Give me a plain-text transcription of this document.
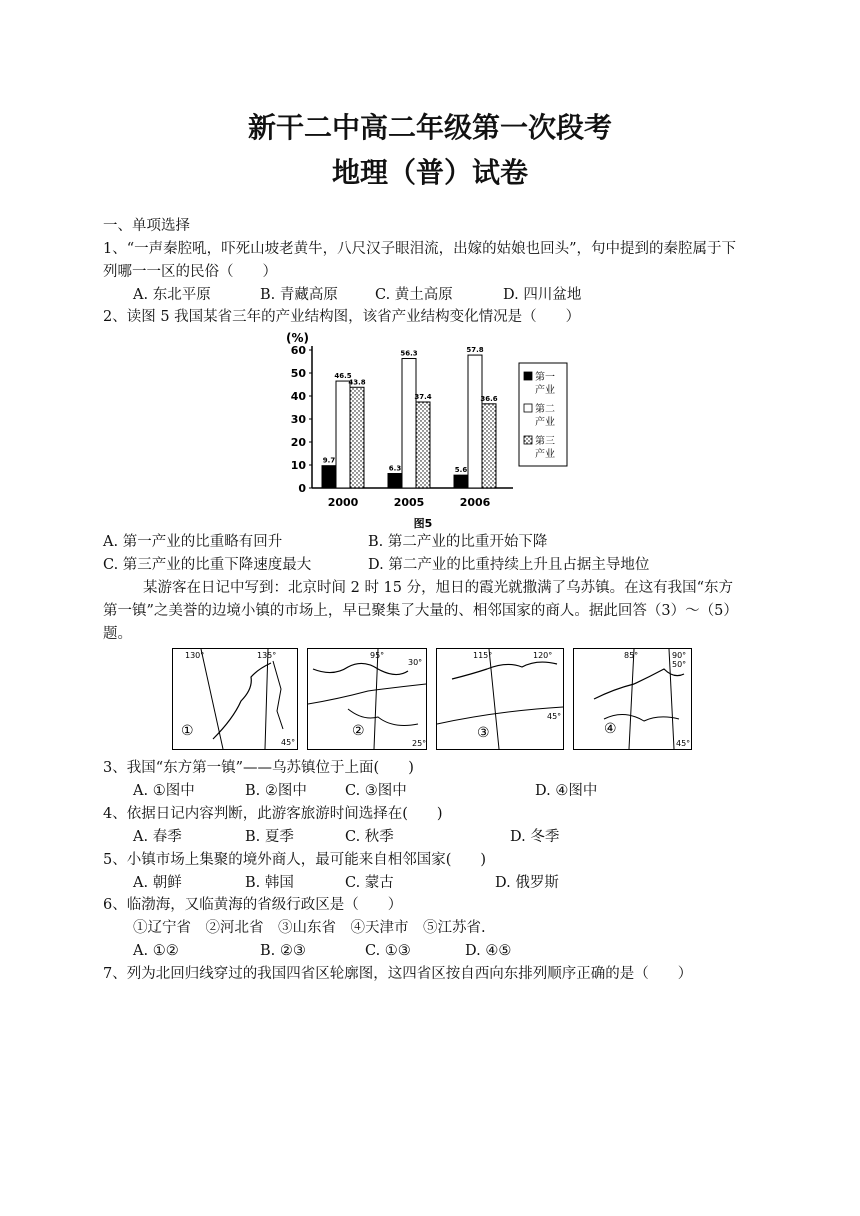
新干二中高二年级第一次段考
地理（普）试卷
一、单项选择
1、“一声秦腔吼，吓死山坡老黄牛，八尺汉子眼泪流，出嫁的姑娘也回头”，句中提到的秦腔属于下
列哪一一区的民俗（　　）
A. 东北平原	B. 青藏高原	C. 黄土高原	D. 四川盆地
2、读图 5 我国某省三年的产业结构图，该省产业结构变化情况是（　　）
(%)
0
10
20
30
40
50
60
9.7
46.5
43.8
2000
6.3
56.3
37.4
2005
5.6
57.8
36.6
2006
第一
产业
第二
产业
第三
产业
图5
A. 第一产业的比重略有回升	B. 第二产业的比重开始下降
C. 第三产业的比重下降速度最大	D. 第二产业的比重持续上升且占据主导地位
某游客在日记中写到：北京时间 2 时 15 分，旭日的霞光就撒满了乌苏镇。在这有我国“东方
第一镇”之美誉的边境小镇的市场上，早已聚集了大量的、相邻国家的商人。据此回答（3）～（5）
题。
130°	135°
45°
①
95°
30°
25°
②
115°	120°
45°
③
85°	90°
50°
45°
④
3、我国“东方第一镇”——乌苏镇位于上面(　　)
A. ①图中	B. ②图中	C. ③图中	D. ④图中
4、依据日记内容判断，此游客旅游时间选择在(　　)
A. 春季	B. 夏季	C. 秋季	D. 冬季
5、小镇市场上集聚的境外商人，最可能来自相邻国家(　　)
A. 朝鲜	B. 韩国	C. 蒙古	D. 俄罗斯
6、临渤海，又临黄海的省级行政区是（　　）
①辽宁省　②河北省　③山东省　④天津市　⑤江苏省.
A. ①②	B. ②③	C. ①③	D. ④⑤
7、列为北回归线穿过的我国四省区轮廓图，这四省区按自西向东排列顺序正确的是（　　）
